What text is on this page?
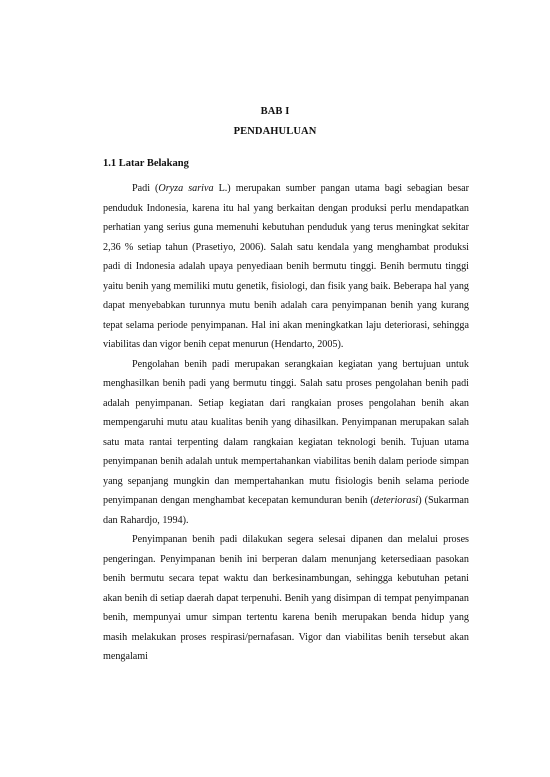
BAB I
PENDAHULUAN
1.1 Latar Belakang

Padi (Oryza sariva L.) merupakan sumber pangan utama bagi sebagian besar penduduk Indonesia, karena itu hal yang berkaitan dengan produksi perlu mendapatkan perhatian yang serius guna memenuhi kebutuhan penduduk yang terus meningkat sekitar 2,36 % setiap tahun (Prasetiyo, 2006). Salah satu kendala yang menghambat produksi padi di Indonesia adalah upaya penyediaan benih bermutu tinggi. Benih bermutu tinggi yaitu benih yang memiliki mutu genetik, fisiologi, dan fisik yang baik. Beberapa hal yang dapat menyebabkan turunnya mutu benih adalah cara penyimpanan benih yang kurang tepat selama periode penyimpanan. Hal ini akan meningkatkan laju deteriorasi, sehingga viabilitas dan vigor benih cepat menurun (Hendarto, 2005).

Pengolahan benih padi merupakan serangkaian kegiatan yang bertujuan untuk menghasilkan benih padi yang bermutu tinggi. Salah satu proses pengolahan benih padi adalah penyimpanan. Setiap kegiatan dari rangkaian proses pengolahan benih akan mempengaruhi mutu atau kualitas benih yang dihasilkan. Penyimpanan merupakan salah satu mata rantai terpenting dalam rangkaian kegiatan teknologi benih. Tujuan utama penyimpanan benih adalah untuk mempertahankan viabilitas benih dalam periode simpan yang sepanjang mungkin dan mempertahankan mutu fisiologis benih selama periode penyimpanan dengan menghambat kecepatan kemunduran benih (deteriorasi) (Sukarman dan Rahardjo, 1994).

Penyimpanan benih padi dilakukan segera selesai dipanen dan melalui proses pengeringan. Penyimpanan benih ini berperan dalam menunjang ketersediaan pasokan benih bermutu secara tepat waktu dan berkesinambungan, sehingga kebutuhan petani akan benih di setiap daerah dapat terpenuhi. Benih yang disimpan di tempat penyimpanan benih, mempunyai umur simpan tertentu karena benih merupakan benda hidup yang masih melakukan proses respirasi/pernafasan. Vigor dan viabilitas benih tersebut akan mengalami
